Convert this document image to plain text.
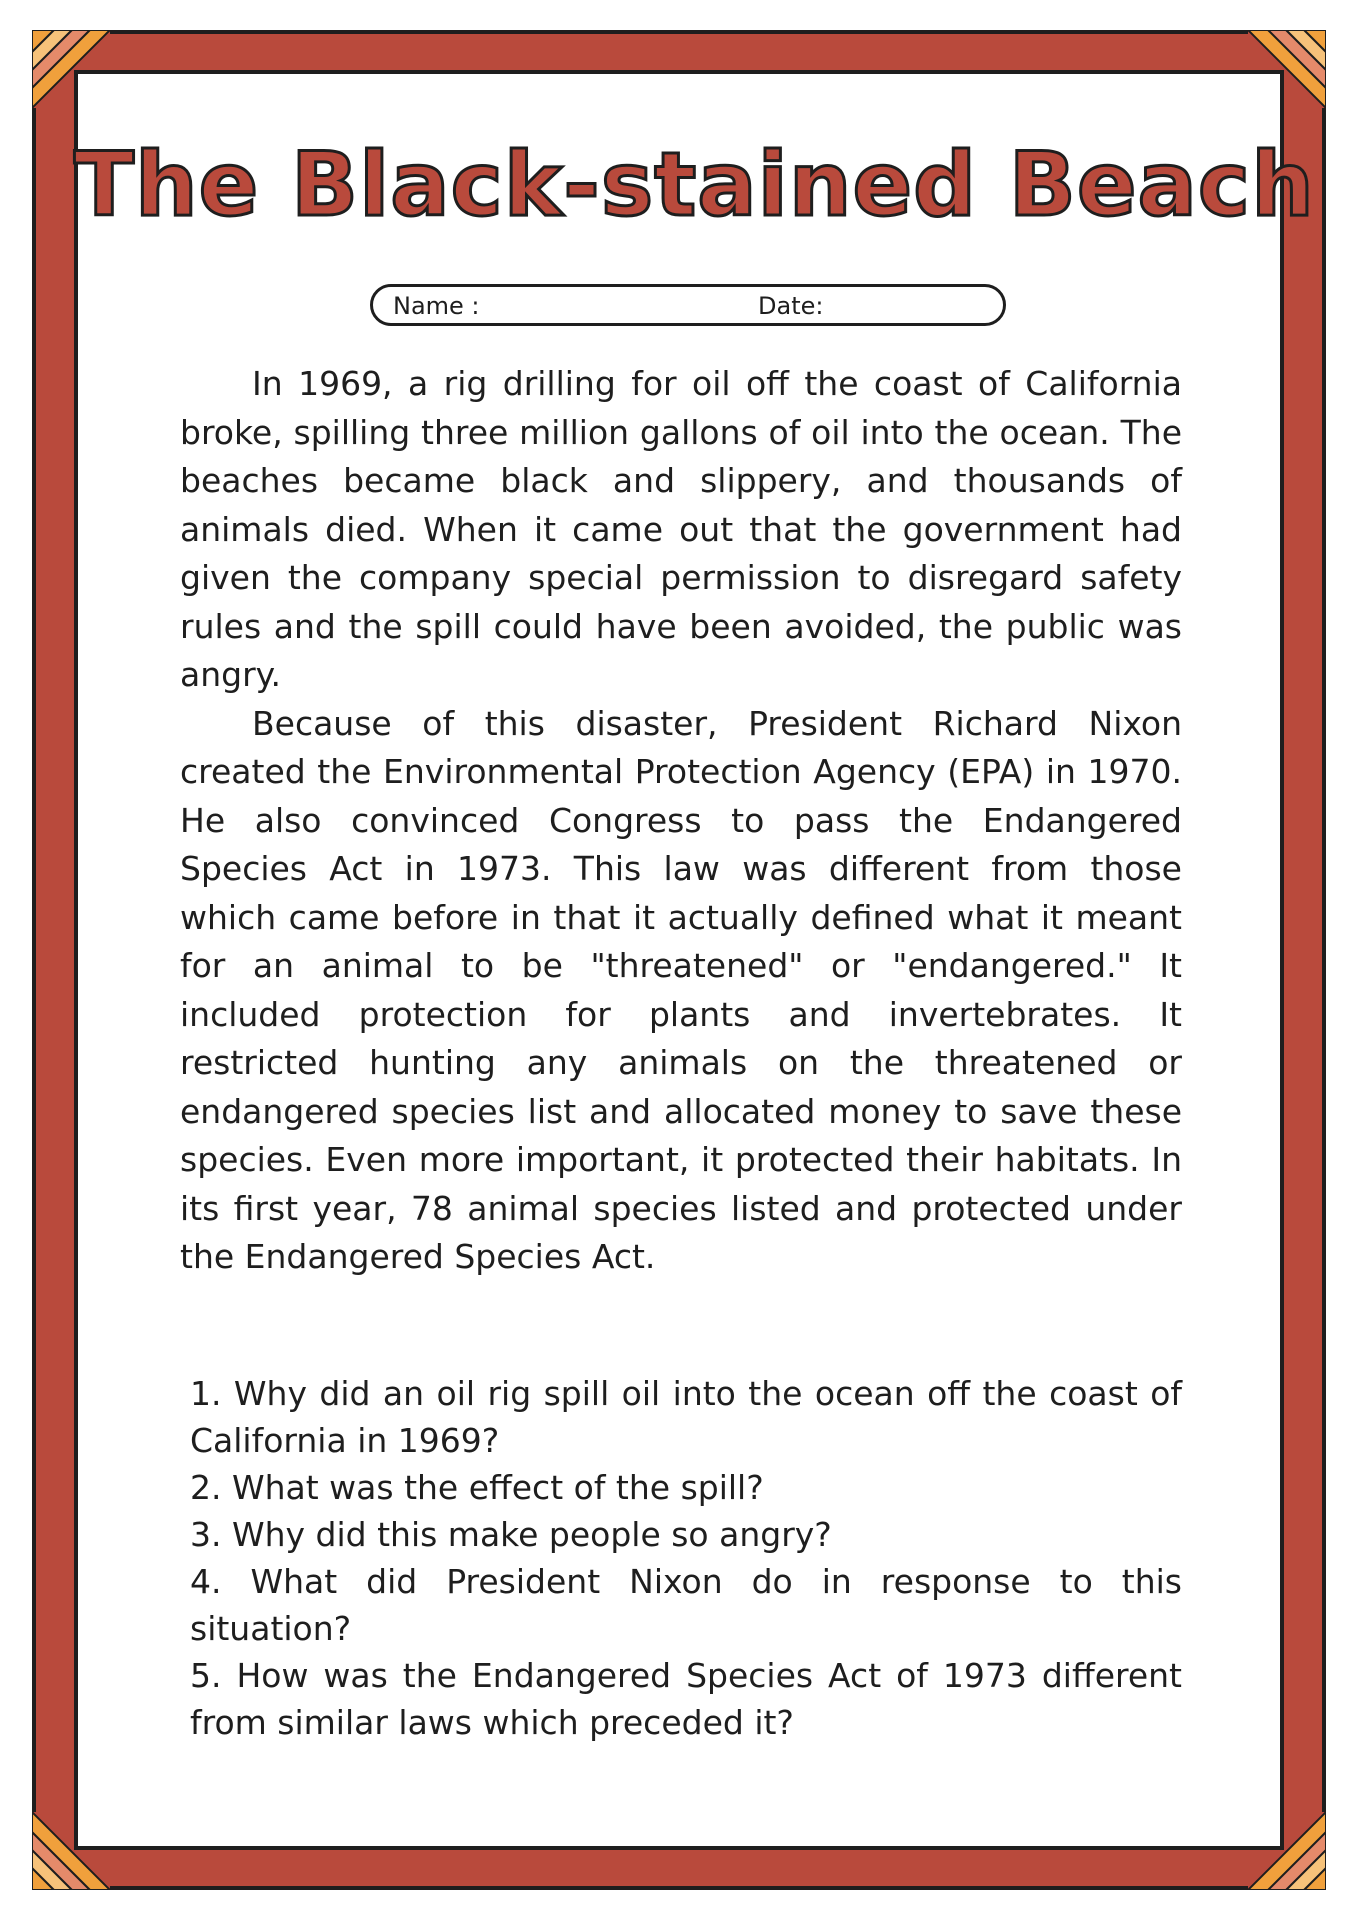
The Black-stained Beach
Name :	Date:

In 1969, a rig drilling for oil off the coast of California broke, spilling three million gallons of oil into the ocean. The beaches became black and slippery, and thousands of animals died. When it came out that the government had given the company special permission to disregard safety rules and the spill could have been avoided, the public was angry.

Because of this disaster, President Richard Nixon created the Environmental Protection Agency (EPA) in 1970. He also convinced Congress to pass the Endangered Species Act in 1973. This law was different from those which came before in that it actually defined what it meant for an animal to be "threatened" or "endangered." It included protection for plants and invertebrates. It restricted hunting any animals on the threatened or endangered species list and allocated money to save these species. Even more important, it protected their habitats. In its first year, 78 animal species listed and protected under the Endangered Species Act.

1. Why did an oil rig spill oil into the ocean off the coast of California in 1969?
2. What was the effect of the spill?
3. Why did this make people so angry?
4. What did President Nixon do in response to this situation?
5. How was the Endangered Species Act of 1973 different from similar laws which preceded it?
